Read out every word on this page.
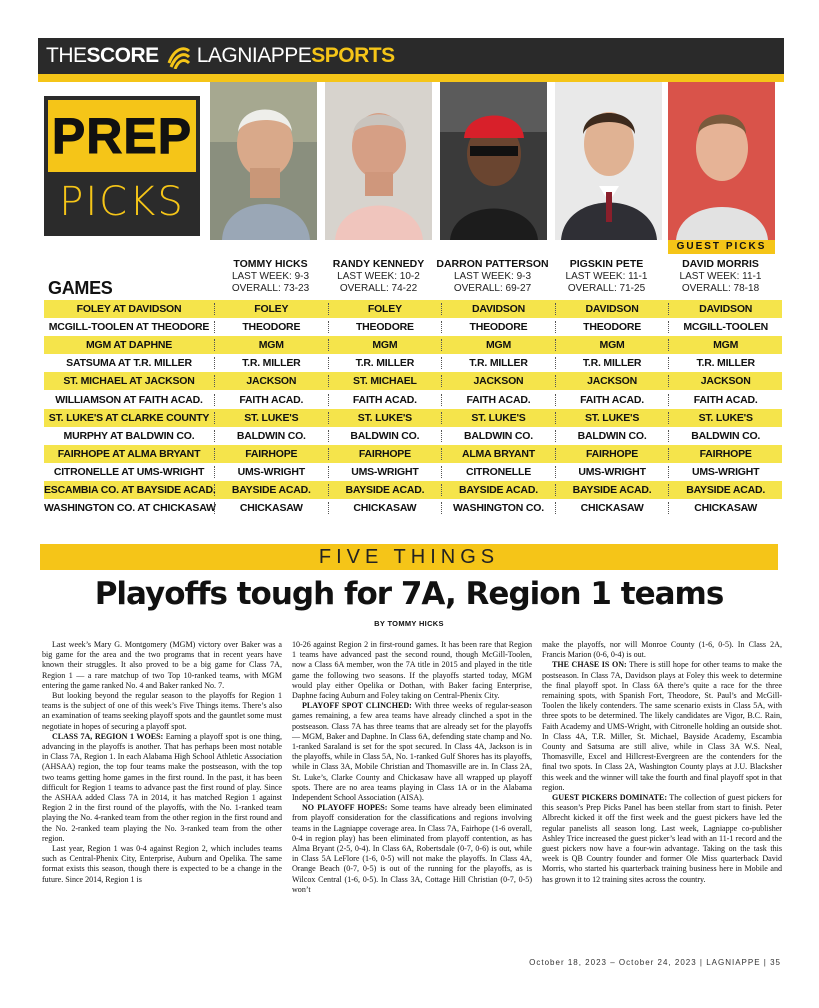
THESCORE LAGNIAPPE SPORTS
PREP
PICKS
GUEST PICKS
GAMES
TOMMY HICKS
LAST WEEK: 9-3
OVERALL: 73-23
RANDY KENNEDY
LAST WEEK: 10-2
OVERALL: 74-22
DARRON PATTERSON
LAST WEEK: 9-3
OVERALL: 69-27
PIGSKIN PETE
LAST WEEK: 11-1
OVERALL: 71-25
DAVID MORRIS
LAST WEEK: 11-1
OVERALL: 78-18
FOLEY AT DAVIDSON	FOLEY	FOLEY	DAVIDSON	DAVIDSON	DAVIDSON
MCGILL-TOOLEN AT THEODORE	THEODORE	THEODORE	THEODORE	THEODORE	MCGILL-TOOLEN
MGM AT DAPHNE	MGM	MGM	MGM	MGM	MGM
SATSUMA AT T.R. MILLER	T.R. MILLER	T.R. MILLER	T.R. MILLER	T.R. MILLER	T.R. MILLER
ST. MICHAEL AT JACKSON	JACKSON	ST. MICHAEL	JACKSON	JACKSON	JACKSON
WILLIAMSON AT FAITH ACAD.	FAITH ACAD.	FAITH ACAD.	FAITH ACAD.	FAITH ACAD.	FAITH ACAD.
ST. LUKE'S AT CLARKE COUNTY	ST. LUKE'S	ST. LUKE'S	ST. LUKE'S	ST. LUKE'S	ST. LUKE'S
MURPHY AT BALDWIN CO.	BALDWIN CO.	BALDWIN CO.	BALDWIN CO.	BALDWIN CO.	BALDWIN CO.
FAIRHOPE AT ALMA BRYANT	FAIRHOPE	FAIRHOPE	ALMA BRYANT	FAIRHOPE	FAIRHOPE
CITRONELLE AT UMS-WRIGHT	UMS-WRIGHT	UMS-WRIGHT	CITRONELLE	UMS-WRIGHT	UMS-WRIGHT
ESCAMBIA CO. AT BAYSIDE ACAD.	BAYSIDE ACAD.	BAYSIDE ACAD.	BAYSIDE ACAD.	BAYSIDE ACAD.	BAYSIDE ACAD.
WASHINGTON CO. AT CHICKASAW	CHICKASAW	CHICKASAW	WASHINGTON CO.	CHICKASAW	CHICKASAW
FIVE THINGS
Playoffs tough for 7A, Region 1 teams
BY TOMMY HICKS

Last week’s Mary G. Montgomery (MGM) victory over Baker was a big game for the area and the two programs that in recent years have known their struggles. It also proved to be a big game for Class 7A, Region 1 — a rare matchup of two Top 10-ranked teams, with MGM entering the game ranked No. 4 and Baker ranked No. 7.

But looking beyond the regular season to the playoffs for Region 1 teams is the subject of one of this week’s Five Things items. There’s also an examination of teams seeking playoff spots and the gauntlet some must negotiate in hopes of securing a playoff spot.

CLASS 7A, REGION 1 WOES: Earning a playoff spot is one thing, advancing in the playoffs is another. That has perhaps been most notable in Class 7A, Region 1. In each Alabama High School Athletic Association (AHSAA) region, the top four teams make the postseason, with the top two teams getting home games in the first round. In the past, it has been difficult for Region 1 teams to advance past the first round of play. Since the ASHAA added Class 7A in 2014, it has matched Region 1 against Region 2 in the first round of the playoffs, with the No. 1-ranked team playing the No. 4-ranked team from the other region in the first round and the No. 2-ranked team playing the No. 3-ranked team from the other region.

Last year, Region 1 was 0-4 against Region 2, which includes teams such as Central-Phenix City, Enterprise, Auburn and Opelika. The same format exists this season, though there is expected to be a change in the future. Since 2014, Region 1 is

10-26 against Region 2 in first-round games. It has been rare that Region 1 teams have advanced past the second round, though McGill-Toolen, now a Class 6A member, won the 7A title in 2015 and played in the title game the following two seasons. If the playoffs started today, MGM would play either Opelika or Dothan, with Baker facing Enterprise, Daphne facing Auburn and Foley taking on Central-Phenix City.

PLAYOFF SPOT CLINCHED: With three weeks of regular-season games remaining, a few area teams have already clinched a spot in the postseason. Class 7A has three teams that are already set for the playoffs — MGM, Baker and Daphne. In Class 6A, defending state champ and No. 1-ranked Saraland is set for the spot secured. In Class 4A, Jackson is in the playoffs, while in Class 5A, No. 1-ranked Gulf Shores has its playoffs, while in Class 3A, Mobile Christian and Thomasville are in. In Class 2A, St. Luke’s, Clarke County and Chickasaw have all wrapped up playoff spots. There are no area teams playing in Class 1A or in the Alabama Independent School Association (AISA).

NO PLAYOFF HOPES: Some teams have already been eliminated from playoff consideration for the classifications and regions involving teams in the Lagniappe coverage area. In Class 7A, Fairhope (1-6 overall, 0-4 in region play) has been eliminated from playoff contention, as has Alma Bryant (2-5, 0-4). In Class 6A, Robertsdale (0-7, 0-6) is out, while in Class 5A LeFlore (1-6, 0-5) will not make the playoffs. In Class 4A, Orange Beach (0-7, 0-5) is out of the running for the playoffs, as is Wilcox Central (1-6, 0-5). In Class 3A, Cottage Hill Christian (0-7, 0-5) won’t

make the playoffs, nor will Monroe County (1-6, 0-5). In Class 2A, Francis Marion (0-6, 0-4) is out.

THE CHASE IS ON: There is still hope for other teams to make the postseason. In Class 7A, Davidson plays at Foley this week to determine the final playoff spot. In Class 6A there’s quite a race for the three remaining spots, with Spanish Fort, Theodore, St. Paul’s and McGill-Toolen the likely contenders. The same scenario exists in Class 5A, with three spots to be determined. The likely candidates are Vigor, B.C. Rain, Faith Academy and UMS-Wright, with Citronelle holding an outside shot. In Class 4A, T.R. Miller, St. Michael, Bayside Academy, Escambia County and Satsuma are still alive, while in Class 3A W.S. Neal, Thomasville, Excel and Hillcrest-Evergreen are the contenders for the final two spots. In Class 2A, Washington County plays at J.U. Blacksher this week and the winner will take the fourth and final playoff spot in that region.

GUEST PICKERS DOMINATE: The collection of guest pickers for this season’s Prep Picks Panel has been stellar from start to finish. Peter Albrecht kicked it off the first week and the guest pickers have led the regular panelists all season long. Last week, Lagniappe co-publisher Ashley Trice increased the guest picker’s lead with an 11-1 record and the guest pickers now have a four-win advantage. Taking on the task this week is QB Country founder and former Ole Miss quarterback David Morris, who started his quarterback training business here in Mobile and has grown it to 12 training sites across the country.

October 18, 2023 – October 24, 2023 | LAGNIAPPE | 35
